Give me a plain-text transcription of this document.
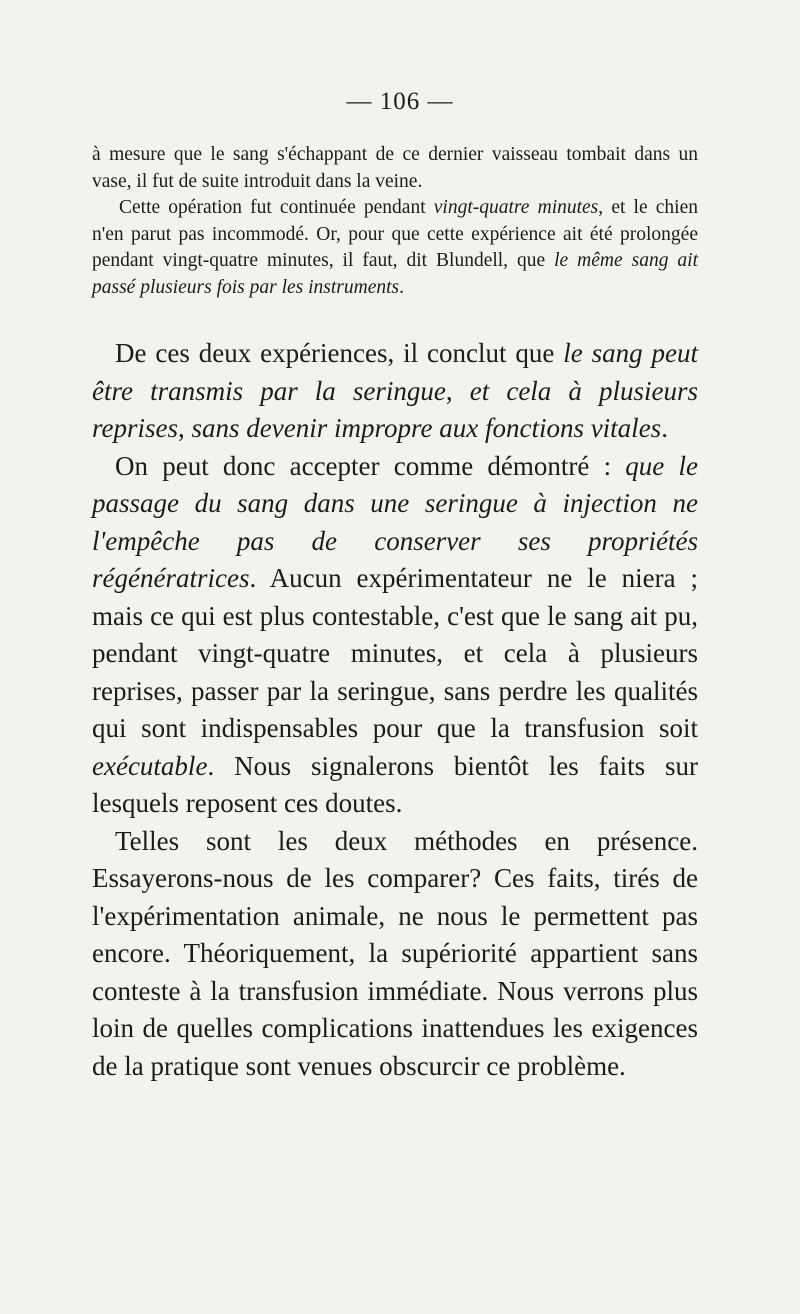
— 106 —

à mesure que le sang s'échappant de ce dernier vaisseau tombait dans un vase, il fut de suite introduit dans la veine.

Cette opération fut continuée pendant vingt-quatre minutes, et le chien n'en parut pas incommodé. Or, pour que cette expérience ait été prolongée pendant vingt-quatre minutes, il faut, dit Blundell, que le même sang ait passé plusieurs fois par les instruments.

De ces deux expériences, il conclut que le sang peut être transmis par la seringue, et cela à plusieurs reprises, sans devenir impropre aux fonctions vitales.

On peut donc accepter comme démontré : que le passage du sang dans une seringue à injection ne l'empêche pas de conserver ses propriétés régénératrices. Aucun expérimentateur ne le niera ; mais ce qui est plus contestable, c'est que le sang ait pu, pendant vingt-quatre minutes, et cela à plusieurs reprises, passer par la seringue, sans perdre les qualités qui sont indispensables pour que la transfusion soit exécutable. Nous signalerons bientôt les faits sur lesquels reposent ces doutes.

Telles sont les deux méthodes en présence. Essayerons-nous de les comparer? Ces faits, tirés de l'expérimentation animale, ne nous le permettent pas encore. Théoriquement, la supériorité appartient sans conteste à la transfusion immédiate. Nous verrons plus loin de quelles complications inattendues les exigences de la pratique sont venues obscurcir ce problème.
